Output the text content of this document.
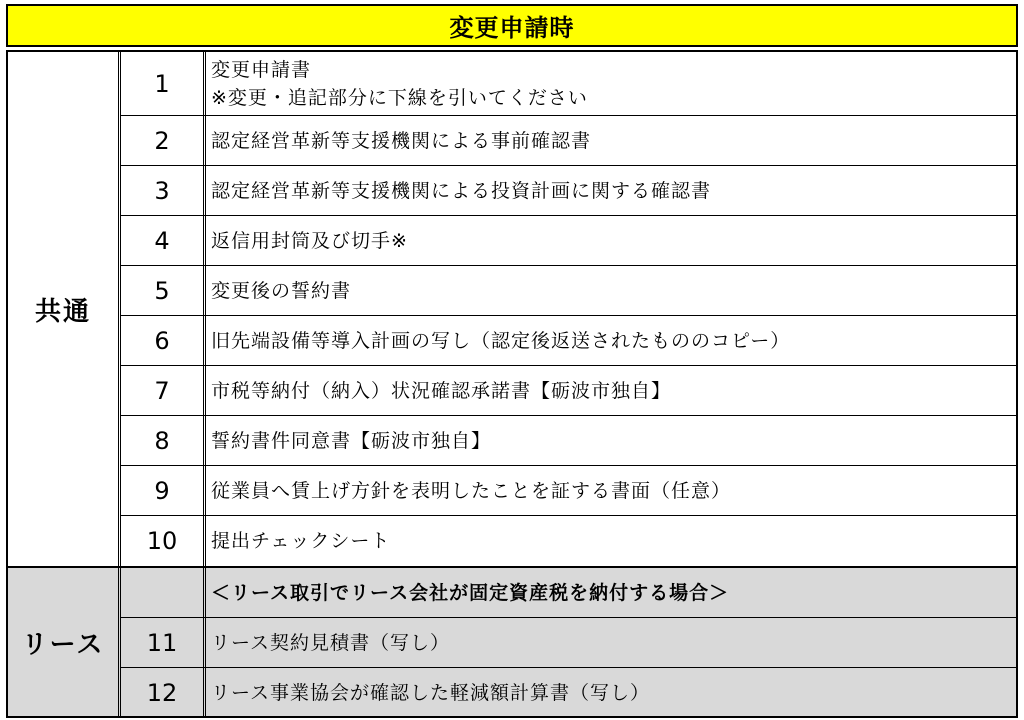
変更申請時
共通
1	変更申請書
※変更・追記部分に下線を引いてください
2	認定経営革新等支援機関による事前確認書
3	認定経営革新等支援機関による投資計画に関する確認書
4	返信用封筒及び切手※
5	変更後の誓約書
6	旧先端設備等導入計画の写し（認定後返送されたもののコピー）
7	市税等納付（納入）状況確認承諾書【砺波市独自】
8	誓約書件同意書【砺波市独自】
9	従業員へ賃上げ方針を表明したことを証する書面（任意）
10	提出チェックシート
リース
＜リース取引でリース会社が固定資産税を納付する場合＞
11	リース契約見積書（写し）
12	リース事業協会が確認した軽減額計算書（写し）
